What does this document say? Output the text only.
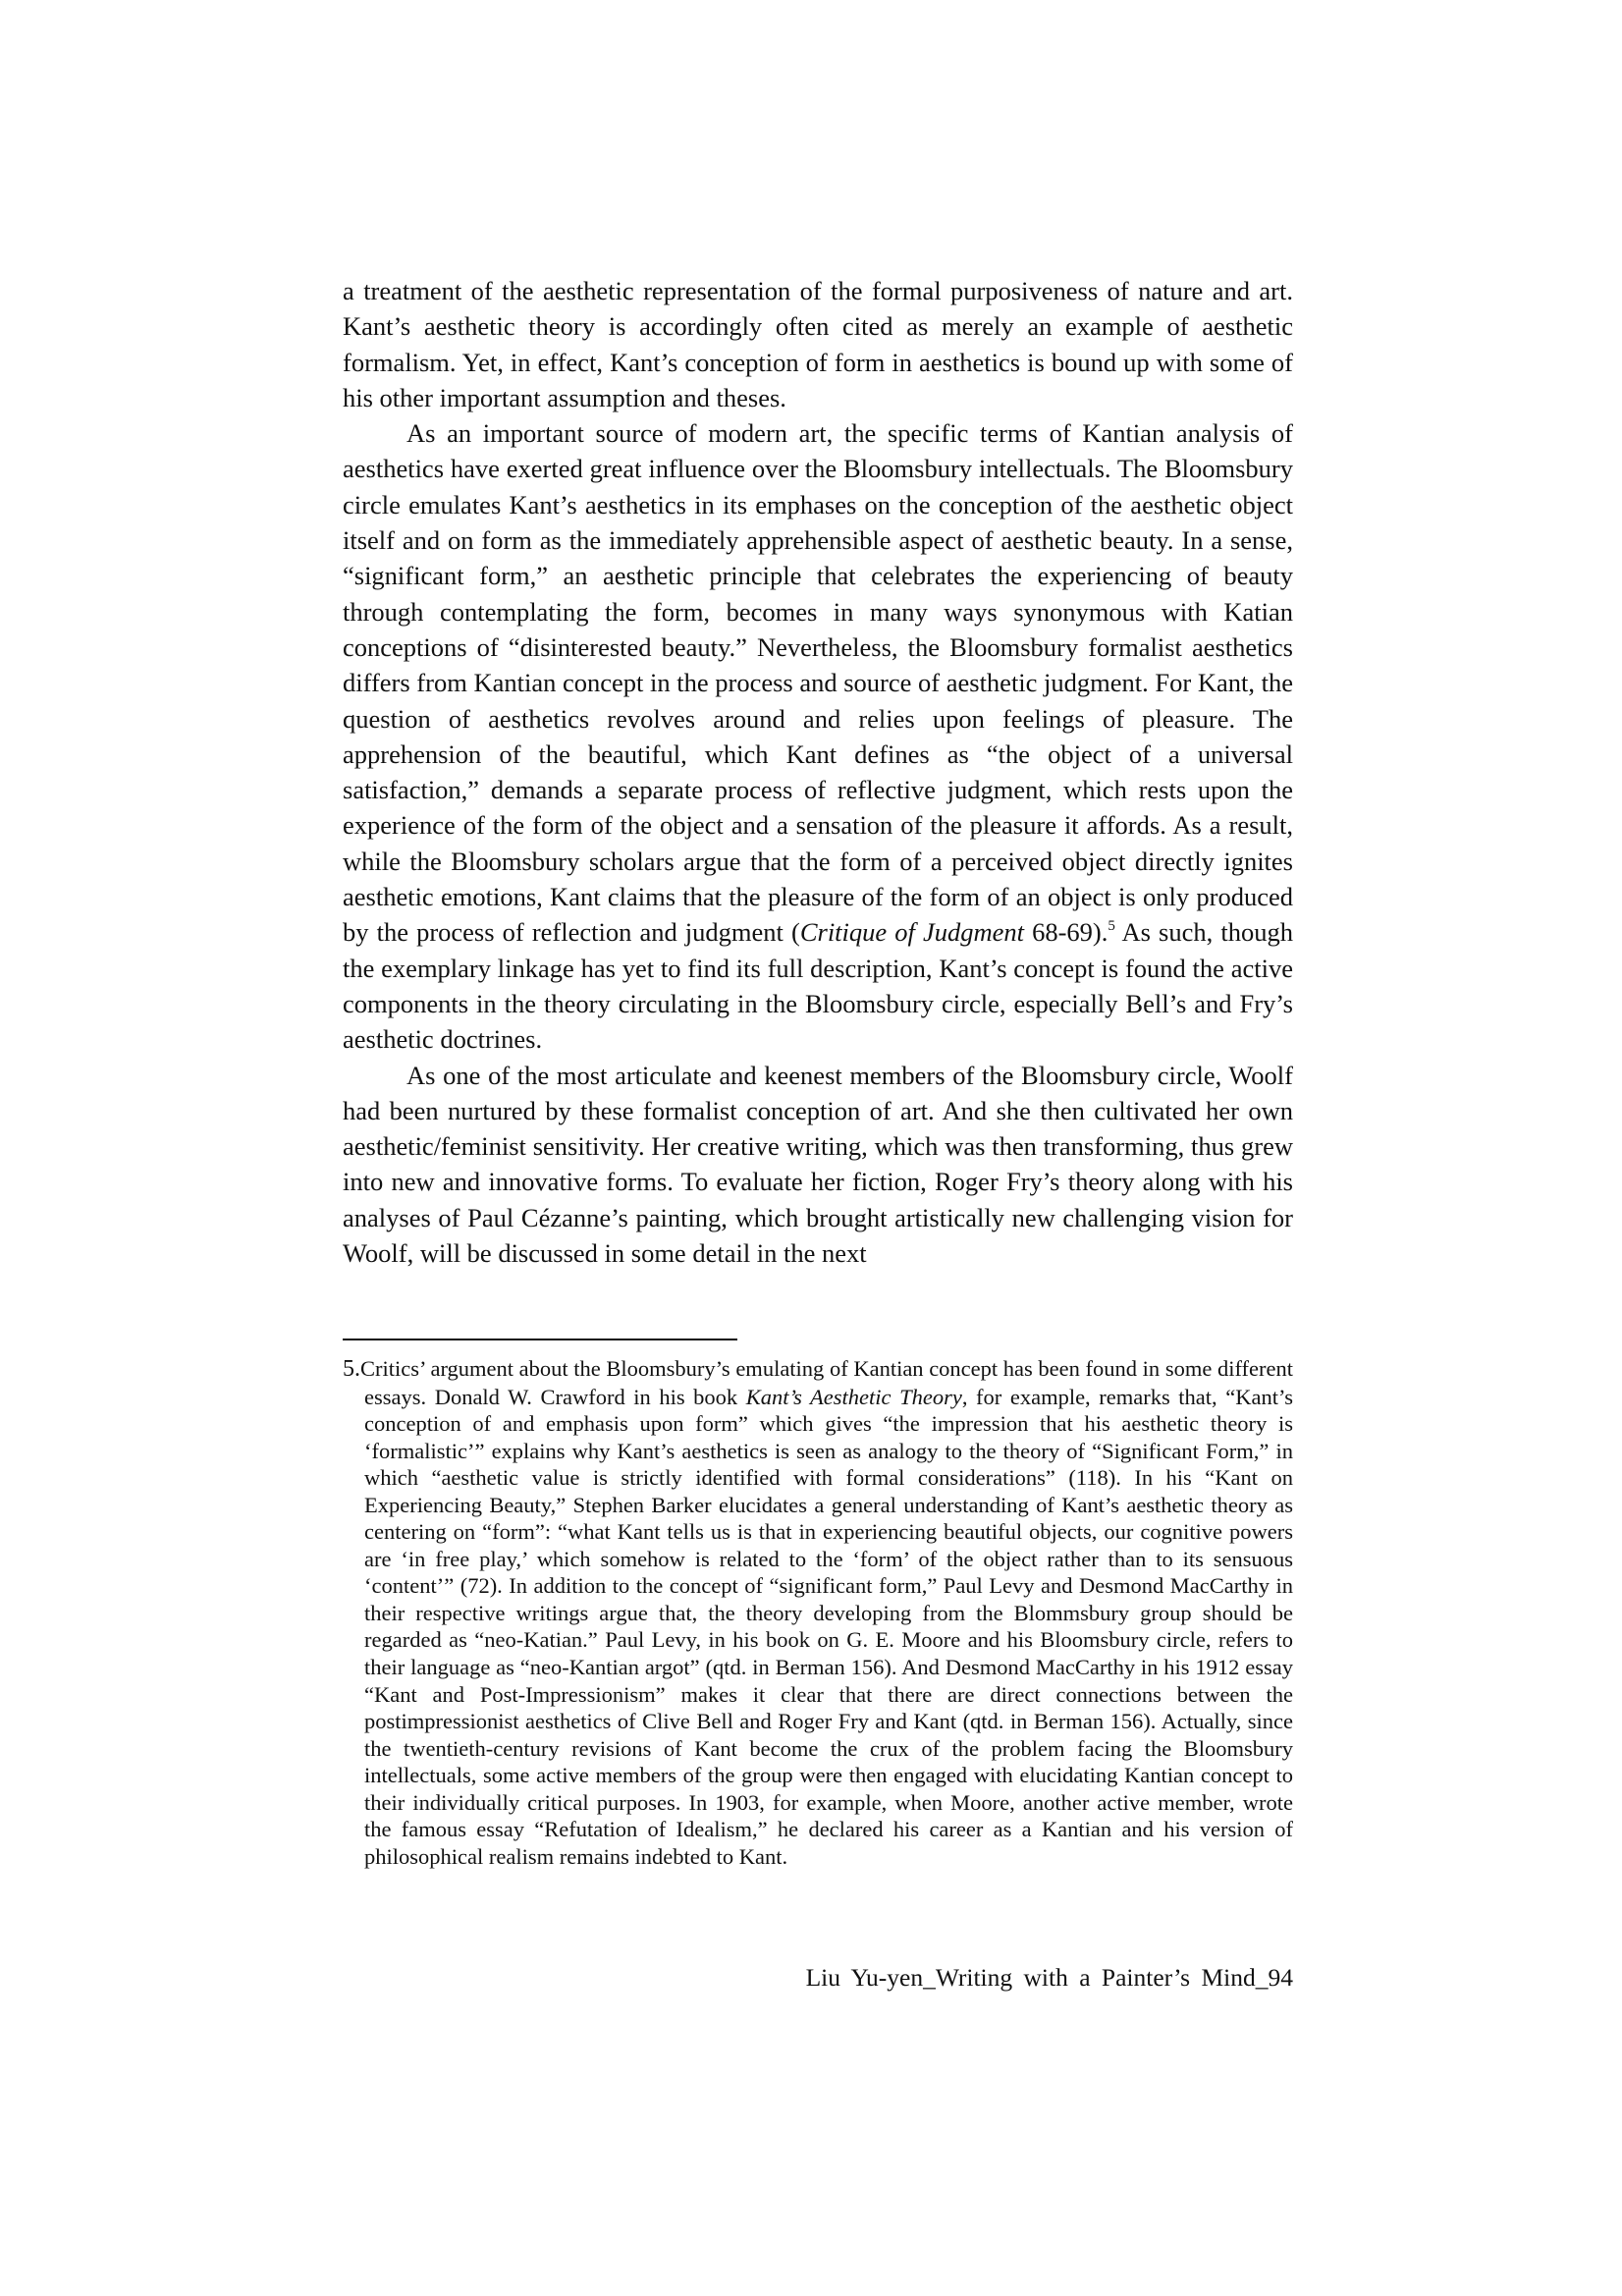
a treatment of the aesthetic representation of the formal purposiveness of nature and art. Kant’s aesthetic theory is accordingly often cited as merely an example of aesthetic formalism. Yet, in effect, Kant’s conception of form in aesthetics is bound up with some of his other important assumption and theses.

As an important source of modern art, the specific terms of Kantian analysis of aesthetics have exerted great influence over the Bloomsbury intellectuals. The Bloomsbury circle emulates Kant’s aesthetics in its emphases on the conception of the aesthetic object itself and on form as the immediately apprehensible aspect of aesthetic beauty. In a sense, “significant form,” an aesthetic principle that celebrates the experiencing of beauty through contemplating the form, becomes in many ways synonymous with Katian conceptions of “disinterested beauty.” Nevertheless, the Bloomsbury formalist aesthetics differs from Kantian concept in the process and source of aesthetic judgment. For Kant, the question of aesthetics revolves around and relies upon feelings of pleasure. The apprehension of the beautiful, which Kant defines as “the object of a universal satisfaction,” demands a separate process of reflective judgment, which rests upon the experience of the form of the object and a sensation of the pleasure it affords. As a result, while the Bloomsbury scholars argue that the form of a perceived object directly ignites aesthetic emotions, Kant claims that the pleasure of the form of an object is only produced by the process of reflection and judgment (Critique of Judgment 68-69).$^5$ As such, though the exemplary linkage has yet to find its full description, Kant’s concept is found the active components in the theory circulating in the Bloomsbury circle, especially Bell’s and Fry’s aesthetic doctrines.

As one of the most articulate and keenest members of the Bloomsbury circle, Woolf had been nurtured by these formalist conception of art. And she then cultivated her own aesthetic/feminist sensitivity. Her creative writing, which was then transforming, thus grew into new and innovative forms. To evaluate her fiction, Roger Fry’s theory along with his analyses of Paul Cézanne’s painting, which brought artistically new challenging vision for Woolf, will be discussed in some detail in the next

5.Critics’ argument about the Bloomsbury’s emulating of Kantian concept has been found in some different essays. Donald W. Crawford in his book Kant’s Aesthetic Theory, for example, remarks that, “Kant’s conception of and emphasis upon form” which gives “the impression that his aesthetic theory is ‘formalistic’” explains why Kant’s aesthetics is seen as analogy to the theory of “Significant Form,” in which “aesthetic value is strictly identified with formal considerations” (118). In his “Kant on Experiencing Beauty,” Stephen Barker elucidates a general understanding of Kant’s aesthetic theory as centering on “form”: “what Kant tells us is that in experiencing beautiful objects, our cognitive powers are ‘in free play,’ which somehow is related to the ‘form’ of the object rather than to its sensuous ‘content’” (72). In addition to the concept of “significant form,” Paul Levy and Desmond MacCarthy in their respective writings argue that, the theory developing from the Blommsbury group should be regarded as “neo-Katian.” Paul Levy, in his book on G. E. Moore and his Bloomsbury circle, refers to their language as “neo-Kantian argot” (qtd. in Berman 156). And Desmond MacCarthy in his 1912 essay “Kant and Post-Impressionism” makes it clear that there are direct connections between the postimpressionist aesthetics of Clive Bell and Roger Fry and Kant (qtd. in Berman 156). Actually, since the twentieth-century revisions of Kant become the crux of the problem facing the Bloomsbury intellectuals, some active members of the group were then engaged with elucidating Kantian concept to their individually critical purposes. In 1903, for example, when Moore, another active member, wrote the famous essay “Refutation of Idealism,” he declared his career as a Kantian and his version of philosophical realism remains indebted to Kant.

Liu Yu-yen_Writing with a Painter’s Mind_94
